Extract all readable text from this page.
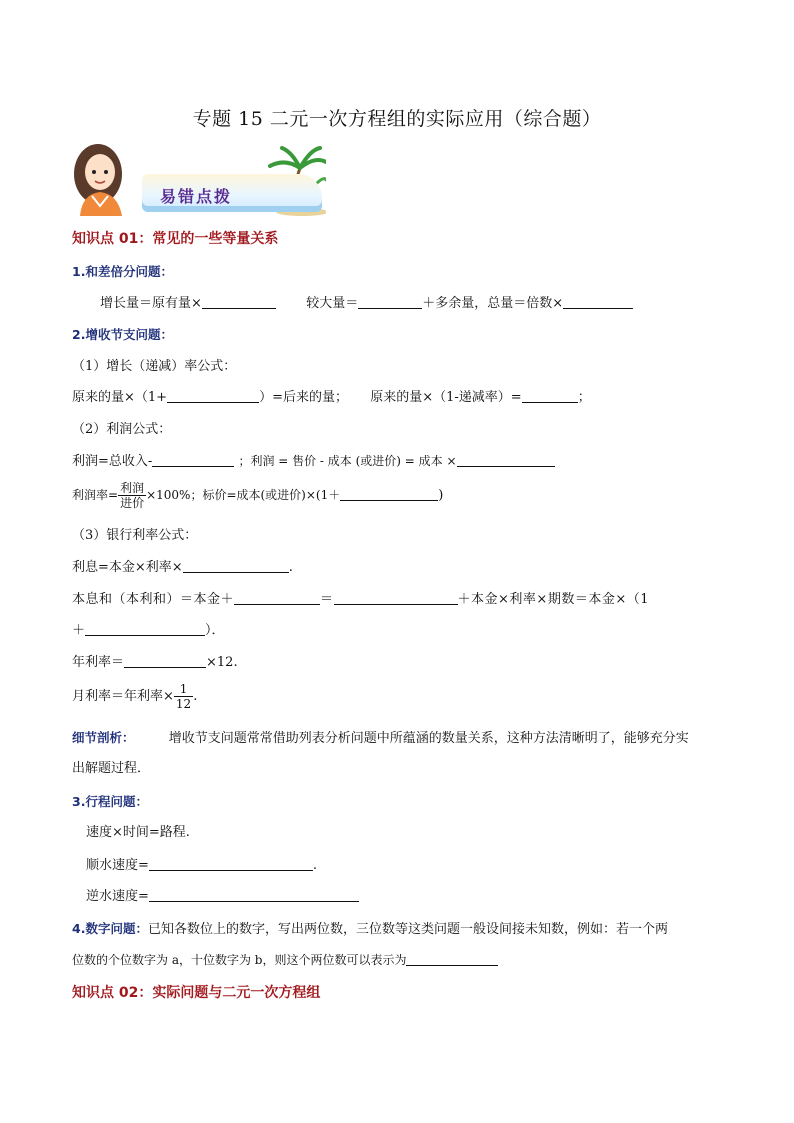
专题 15 二元一次方程组的实际应用（综合题）
易错点拨
知识点 01：常见的一些等量关系
1.和差倍分问题：
增长量＝原有量×	较大量＝	＋多余量，总量＝倍数×
2.增收节支问题：
（1）增长（递减）率公式：
原来的量×（1+	）=后来的量； 原来的量×（1-递减率）=	；
（2）利润公式：
利润=总收入-	；利润 = 售价 - 成本 (或进价) = 成本 ×
利润率= $\frac{\text{利润}}{\text{进价}} \times 100\%$；标价=成本(或进价)×(1＋	)
（3）银行利率公式：
利息=本金×利率×	.
本息和（本利和）＝本金＋	＝	＋本金×利率×期数＝本金×（1
＋	）．
年利率＝	×12.
月利率＝年利率× $\frac{1}{12}$ .
细节剖析：	增收节支问题常常借助列表分析问题中所蕴涵的数量关系，这种方法清晰明了，能够充分实
出解题过程．
3.行程问题：
速度×时间=路程.
顺水速度=	.
逆水速度=
4.数字问题：已知各数位上的数字，写出两位数，三位数等这类问题一般设间接未知数，例如：若一个两
位数的个位数字为 a，十位数字为 b，则这个两位数可以表示为
知识点 02：实际问题与二元一次方程组
